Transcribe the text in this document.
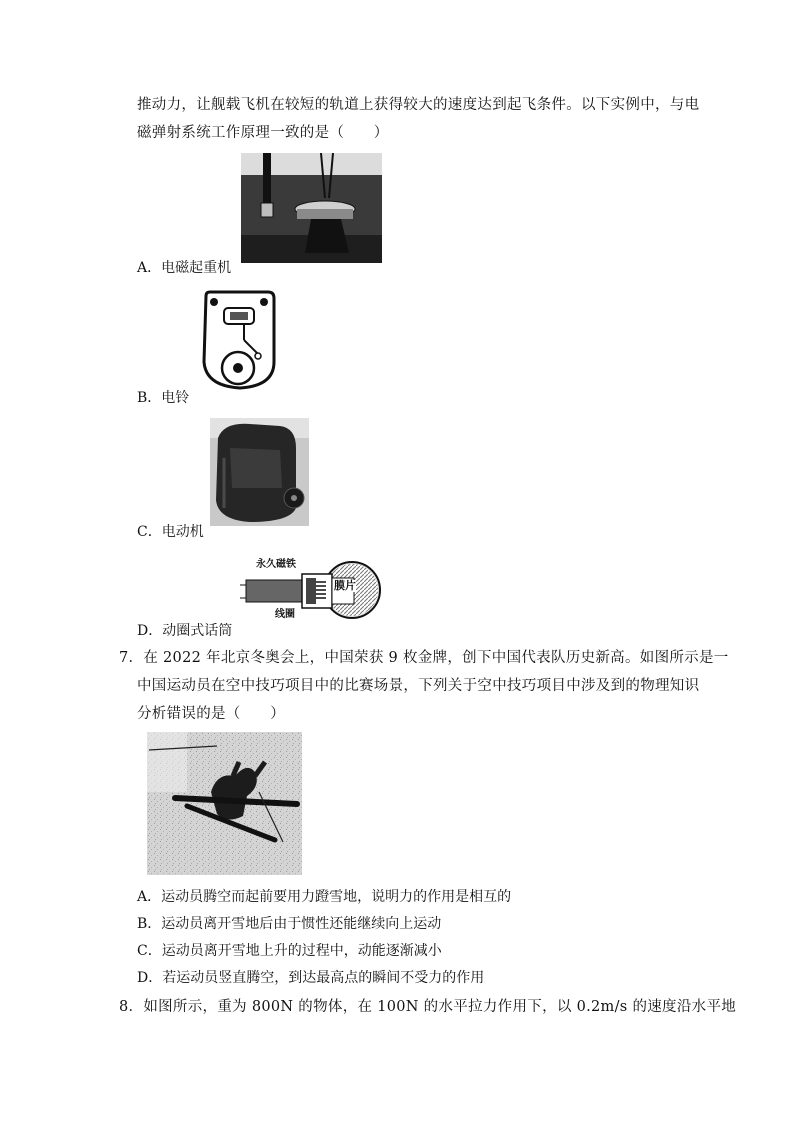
推动力，让舰载飞机在较短的轨道上获得较大的速度达到起飞条件。以下实例中，与电
磁弹射系统工作原理一致的是（　　）
A．电磁起重机
B．电铃
C．电动机
永久磁铁
膜片
线圈
D．动圈式话筒
7．在 2022 年北京冬奥会上，中国荣获 9 枚金牌，创下中国代表队历史新高。如图所示是一
中国运动员在空中技巧项目中的比赛场景，下列关于空中技巧项目中涉及到的物理知识
分析错误的是（　　）
A．运动员腾空而起前要用力蹬雪地，说明力的作用是相互的
B．运动员离开雪地后由于惯性还能继续向上运动
C．运动员离开雪地上升的过程中，动能逐渐减小
D．若运动员竖直腾空，到达最高点的瞬间不受力的作用
8．如图所示，重为 800N 的物体，在 100N 的水平拉力作用下，以 0.2m/s 的速度沿水平地
